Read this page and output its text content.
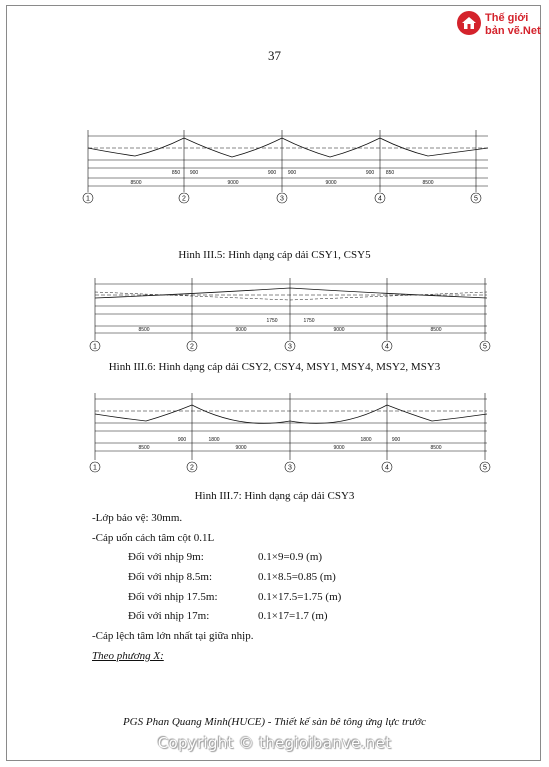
Thế giới
bản vẽ.Net
37
850 900	900 900	900 850
8500	9000	9000	8500
1	2	3	4	5
1750	1750
8500	9000	9000	8500
1	2	3	4	5
900	1800	1800	900
8500	9000	9000	8500
1	2	3	4	5
Hình III.5: Hình dạng cáp dải CSY1, CSY5
Hình III.6: Hình dạng cáp dải CSY2, CSY4, MSY1, MSY4, MSY2, MSY3
Hình III.7: Hình dạng cáp dải CSY3
-Lớp bảo vệ: 30mm.
-Cáp uốn cách tâm cột 0.1L
Đối với nhịp 9m:	0.1×9=0.9 (m)
Đối với nhịp 8.5m:	0.1×8.5=0.85 (m)
Đối với nhịp 17.5m:	0.1×17.5=1.75 (m)
Đối với nhịp 17m:	0.1×17=1.7 (m)
-Cáp lệch tâm lớn nhất tại giữa nhịp.
Theo phương X:
PGS Phan Quang Minh(HUCE) - Thiết kế sàn bê tông ứng lực trước
Copyright © thegioibanve.net
